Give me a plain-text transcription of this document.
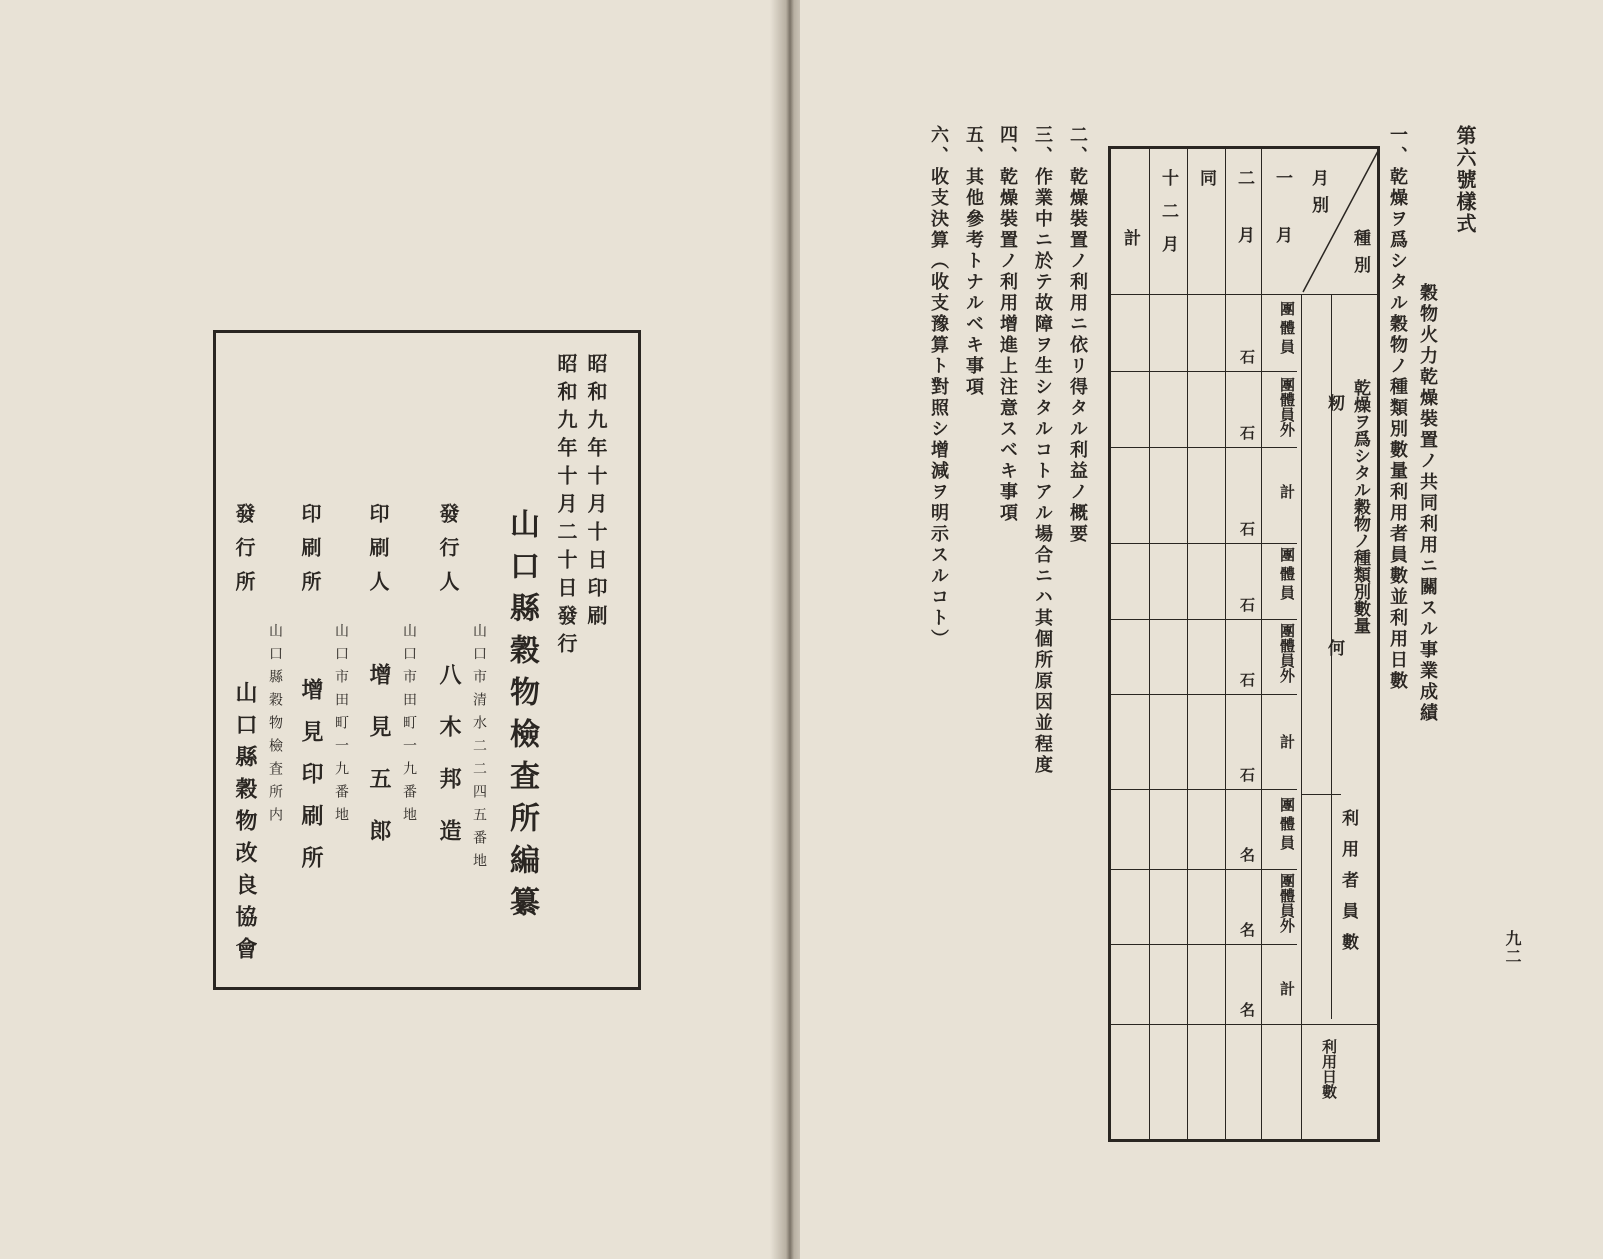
昭和九年十月十日印刷
昭和九年十月二十日發行
山口縣穀物檢査所編纂
發行人
山口市清水二二四五番地
八木邦造
印刷人
山口市田町一九番地
增見五郎
印刷所
山口市田町一九番地
增見印刷所
發行所
山口縣穀物檢査所内
山口縣穀物改良協會
第六號樣式
穀物火力乾燥裝置ノ共同利用ニ關スル事業成績
一、乾燥ヲ爲シタル穀物ノ種類別數量利用者員數並利用日數
種別
月別
一月
二月
同
十二月
計
乾燥ヲ爲シタル穀物ノ種類別數量
籾
何
團體員
團體員外
計
團體員
團體員外
計
團體員
團體員外
計
石
石
石
石
石
石
名
名
名
利用者員數
利用日數
二、乾燥裝置ノ利用ニ依リ得タル利益ノ概要
三、作業中ニ於テ故障ヲ生シタルコトアル場合ニハ其個所原因並程度
四、乾燥裝置ノ利用增進上注意スベキ事項
五、其他參考トナルベキ事項
六、收支決算（收支豫算ト對照シ增減ヲ明示スルコト）
九二
